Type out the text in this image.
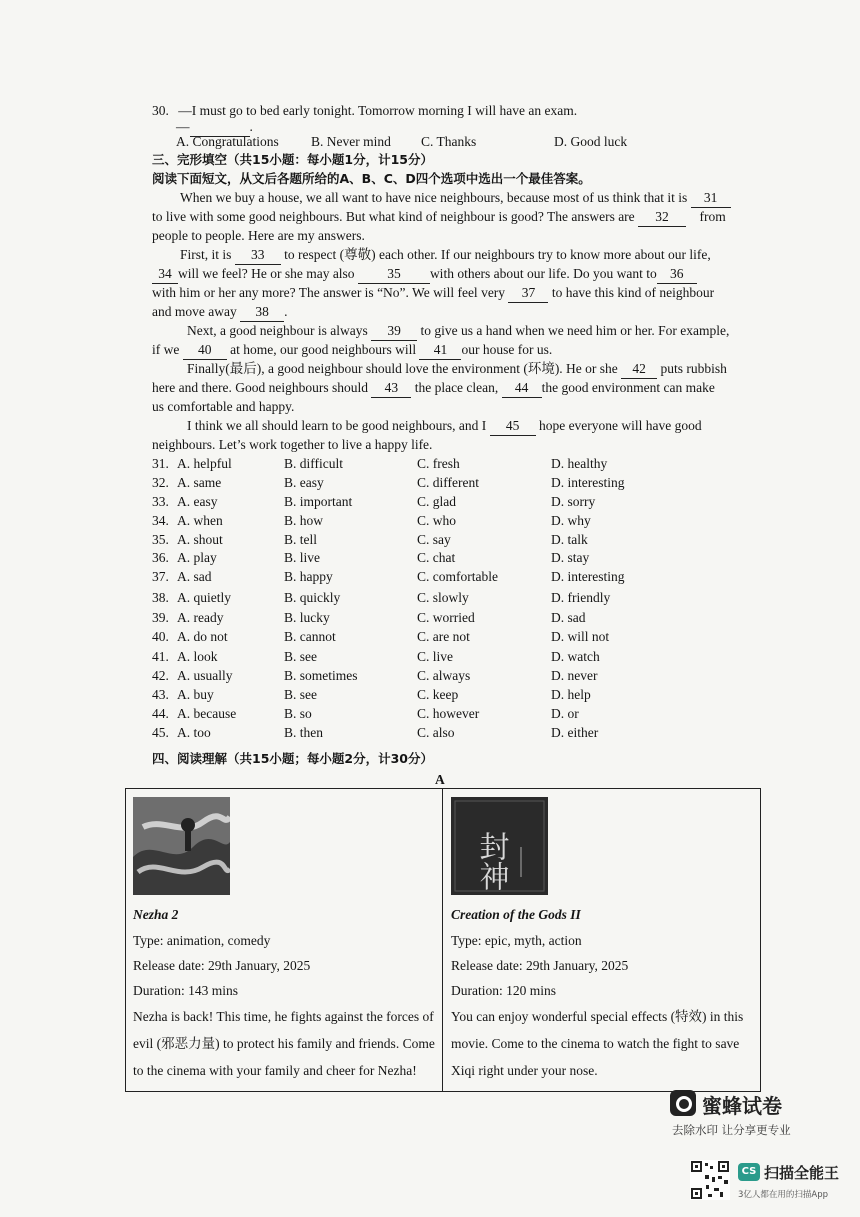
30. —I must go to bed early tonight. Tomorrow morning I will have an exam.
—	.
A. Congratulations B. Never mind C. Thanks	D. Good luck
三、完形填空（共15小题：每小题1分，计15分）
阅读下面短文，从文后各题所给的A、B、C、D四个选项中选出一个最佳答案。
When we buy a house, we all want to have nice neighbours, because most of us think that it is 31
to live with some good neighbours. But what kind of neighbour is good? The answers are 32 from
people to people. Here are my answers.
First, it is 33 to respect (尊敬) each other. If our neighbours try to know more about our life,
34 will we feel? He or she may also 35 with others about our life. Do you want to 36
with him or her any more? The answer is “No”. We will feel very 37 to have this kind of neighbour
and move away 38 .
Next, a good neighbour is always 39 to give us a hand when we need him or her. For example,
if we 40 at home, our good neighbours will 41 our house for us.
Finally(最后), a good neighbour should love the environment (环境). He or she 42 puts rubbish
here and there. Good neighbours should 43 the place clean, 44 the good environment can make
us comfortable and happy.
I think we all should learn to be good neighbours, and I 45 hope everyone will have good
neighbours. Let’s work together to live a happy life.
31. A. helpful	B. difficult	C. fresh	D. healthy
32. A. same	B. easy	C. different	D. interesting
33. A. easy	B. important	C. glad	D. sorry
34. A. when	B. how	C. who	D. why
35. A. shout	B. tell	C. say	D. talk
36. A. play	B. live	C. chat	D. stay
37. A. sad	B. happy	C. comfortable	D. interesting
38. A. quietly	B. quickly	C. slowly	D. friendly
39. A. ready	B. lucky	C. worried	D. sad
40. A. do not	B. cannot	C. are not	D. will not
41. A. look	B. see	C. live	D. watch
42. A. usually	B. sometimes	C. always	D. never
43. A. buy	B. see	C. keep	D. help
44. A. because	B. so	C. however	D. or
45. A. too	B. then	C. also	D. either
四、阅读理解（共15小题；每小题2分，计30分）
A
Nezha 2
Type: animation, comedy
Release date: 29th January, 2025
Duration: 143 mins
Nezha is back! This time, he fights against the forces of
evil (邪恶力量) to protect his family and friends. Come
to the cinema with your family and cheer for Nezha!
封神
Creation of the Gods II
Type: epic, myth, action
Release date: 29th January, 2025
Duration: 120 mins
You can enjoy wonderful special effects (特效) in this
movie. Come to the cinema to watch the fight to save
Xiqi right under your nose.
蜜蜂试卷
去除水印 让分享更专业
CS 扫描全能王
3亿人都在用的扫描App
